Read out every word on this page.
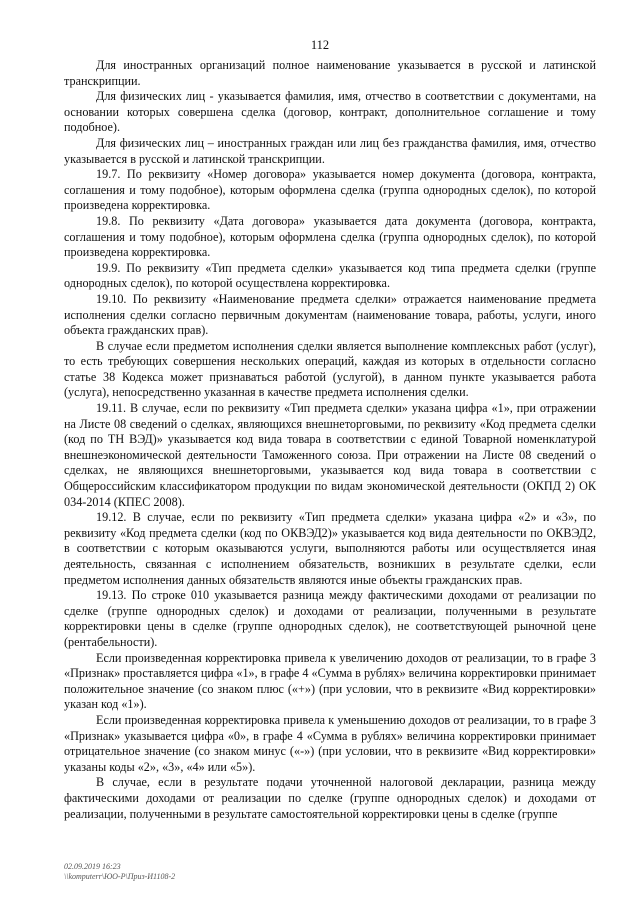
112

Для иностранных организаций полное наименование указывается в русской и латинской транскрипции.

Для физических лиц - указывается фамилия, имя, отчество в соответствии с документами, на основании которых совершена сделка (договор, контракт, дополнительное соглашение и тому подобное).

Для физических лиц – иностранных граждан или лиц без гражданства фамилия, имя, отчество указывается в русской и латинской транскрипции.

19.7. По реквизиту «Номер договора» указывается номер документа (договора, контракта, соглашения и тому подобное), которым оформлена сделка (группа однородных сделок), по которой произведена корректировка.

19.8. По реквизиту «Дата договора» указывается дата документа (договора, контракта, соглашения и тому подобное), которым оформлена сделка (группа однородных сделок), по которой произведена корректировка.

19.9. По реквизиту «Тип предмета сделки» указывается код типа предмета сделки (группе однородных сделок), по которой осуществлена корректировка.

19.10. По реквизиту «Наименование предмета сделки» отражается наименование предмета исполнения сделки согласно первичным документам (наименование товара, работы, услуги, иного объекта гражданских прав).

В случае если предметом исполнения сделки является выполнение комплексных работ (услуг), то есть требующих совершения нескольких операций, каждая из которых в отдельности согласно статье 38 Кодекса может признаваться работой (услугой), в данном пункте указывается работа (услуга), непосредственно указанная в качестве предмета исполнения сделки.

19.11. В случае, если по реквизиту «Тип предмета сделки» указана цифра «1», при отражении на Листе 08 сведений о сделках, являющихся внешнеторговыми, по реквизиту «Код предмета сделки (код по ТН ВЭД)» указывается код вида товара в соответствии с единой Товарной номенклатурой внешнеэкономической деятельности Таможенного союза. При отражении на Листе 08 сведений о сделках, не являющихся внешнеторговыми, указывается код вида товара в соответствии с Общероссийским классификатором продукции по видам экономической деятельности (ОКПД 2) ОК 034-2014 (КПЕС 2008).

19.12. В случае, если по реквизиту «Тип предмета сделки» указана цифра «2» и «3», по реквизиту «Код предмета сделки (код по ОКВЭД2)» указывается код вида деятельности по ОКВЭД2, в соответствии с которым оказываются услуги, выполняются работы или осуществляется иная деятельность, связанная с исполнением обязательств, возникших в результате сделки, если предметом исполнения данных обязательств являются иные объекты гражданских прав.

19.13. По строке 010 указывается разница между фактическими доходами от реализации по сделке (группе однородных сделок) и доходами от реализации, полученными в результате корректировки цены в сделке (группе однородных сделок), не соответствующей рыночной цене (рентабельности).

Если произведенная корректировка привела к увеличению доходов от реализации, то в графе 3 «Признак» проставляется цифра «1», в графе 4 «Сумма в рублях» величина корректировки принимает положительное значение (со знаком плюс («+») (при условии, что в реквизите «Вид корректировки» указан код «1»).

Если произведенная корректировка привела к уменьшению доходов от реализации, то в графе 3 «Признак» указывается цифра «0», в графе 4 «Сумма в рублях» величина корректировки принимает отрицательное значение (со знаком минус («-») (при условии, что в реквизите «Вид корректировки» указаны коды «2», «3», «4» или «5»).

В случае, если в результате подачи уточненной налоговой декларации, разница между фактическими доходами от реализации по сделке (группе однородных сделок) и доходами от реализации, полученными в результате самостоятельной корректировки цены в сделке (группе

02.09.2019 16:23
\\komputerr\ЮО-Р\Приз-И1108-2
